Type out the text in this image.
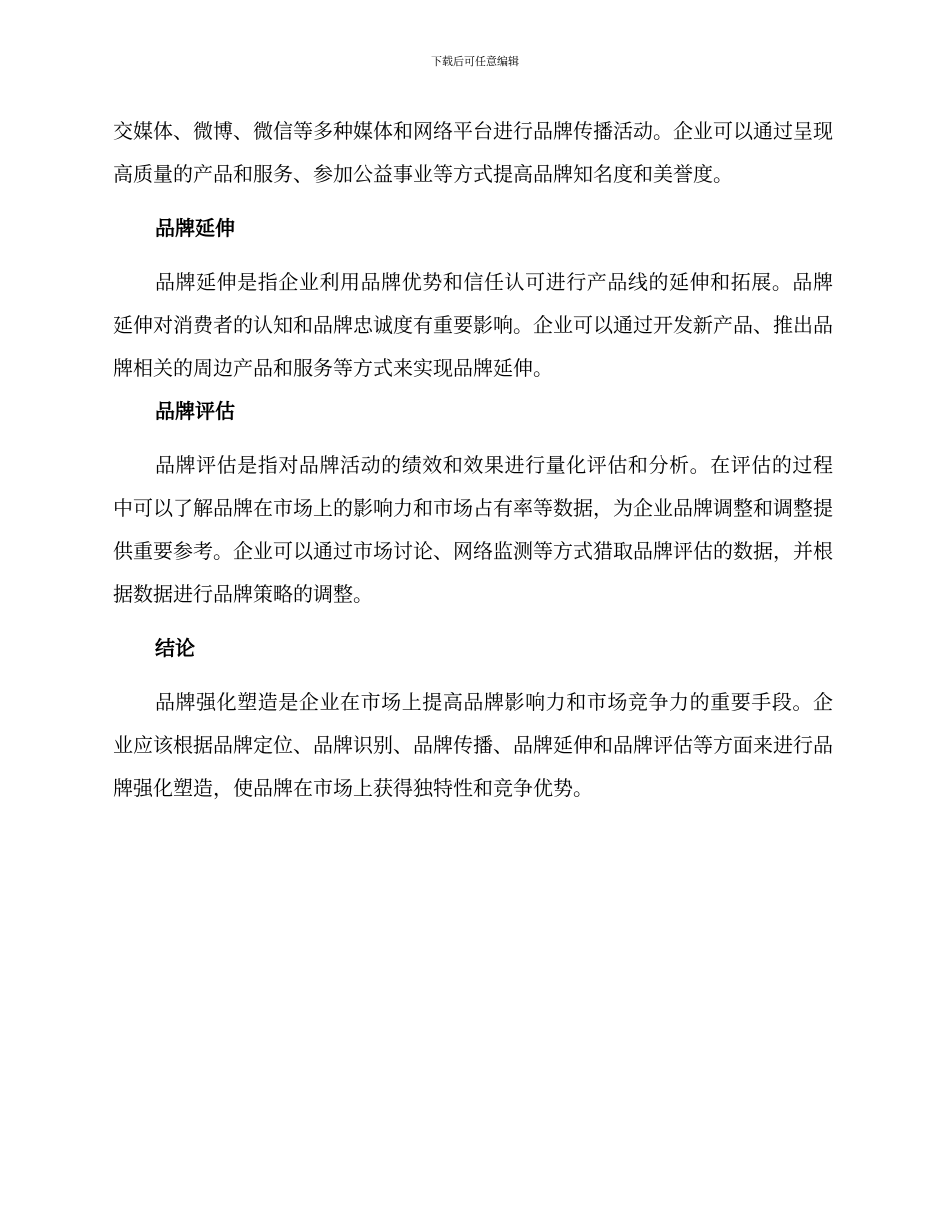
下载后可任意编辑

交媒体、微博、微信等多种媒体和网络平台进行品牌传播活动。企业可以通过呈现高质量的产品和服务、参加公益事业等方式提高品牌知名度和美誉度。

品牌延伸

品牌延伸是指企业利用品牌优势和信任认可进行产品线的延伸和拓展。品牌延伸对消费者的认知和品牌忠诚度有重要影响。企业可以通过开发新产品、推出品牌相关的周边产品和服务等方式来实现品牌延伸。

品牌评估

品牌评估是指对品牌活动的绩效和效果进行量化评估和分析。在评估的过程中可以了解品牌在市场上的影响力和市场占有率等数据，为企业品牌调整和调整提供重要参考。企业可以通过市场讨论、网络监测等方式猎取品牌评估的数据，并根据数据进行品牌策略的调整。

结论

品牌强化塑造是企业在市场上提高品牌影响力和市场竞争力的重要手段。企业应该根据品牌定位、品牌识别、品牌传播、品牌延伸和品牌评估等方面来进行品牌强化塑造，使品牌在市场上获得独特性和竞争优势。
